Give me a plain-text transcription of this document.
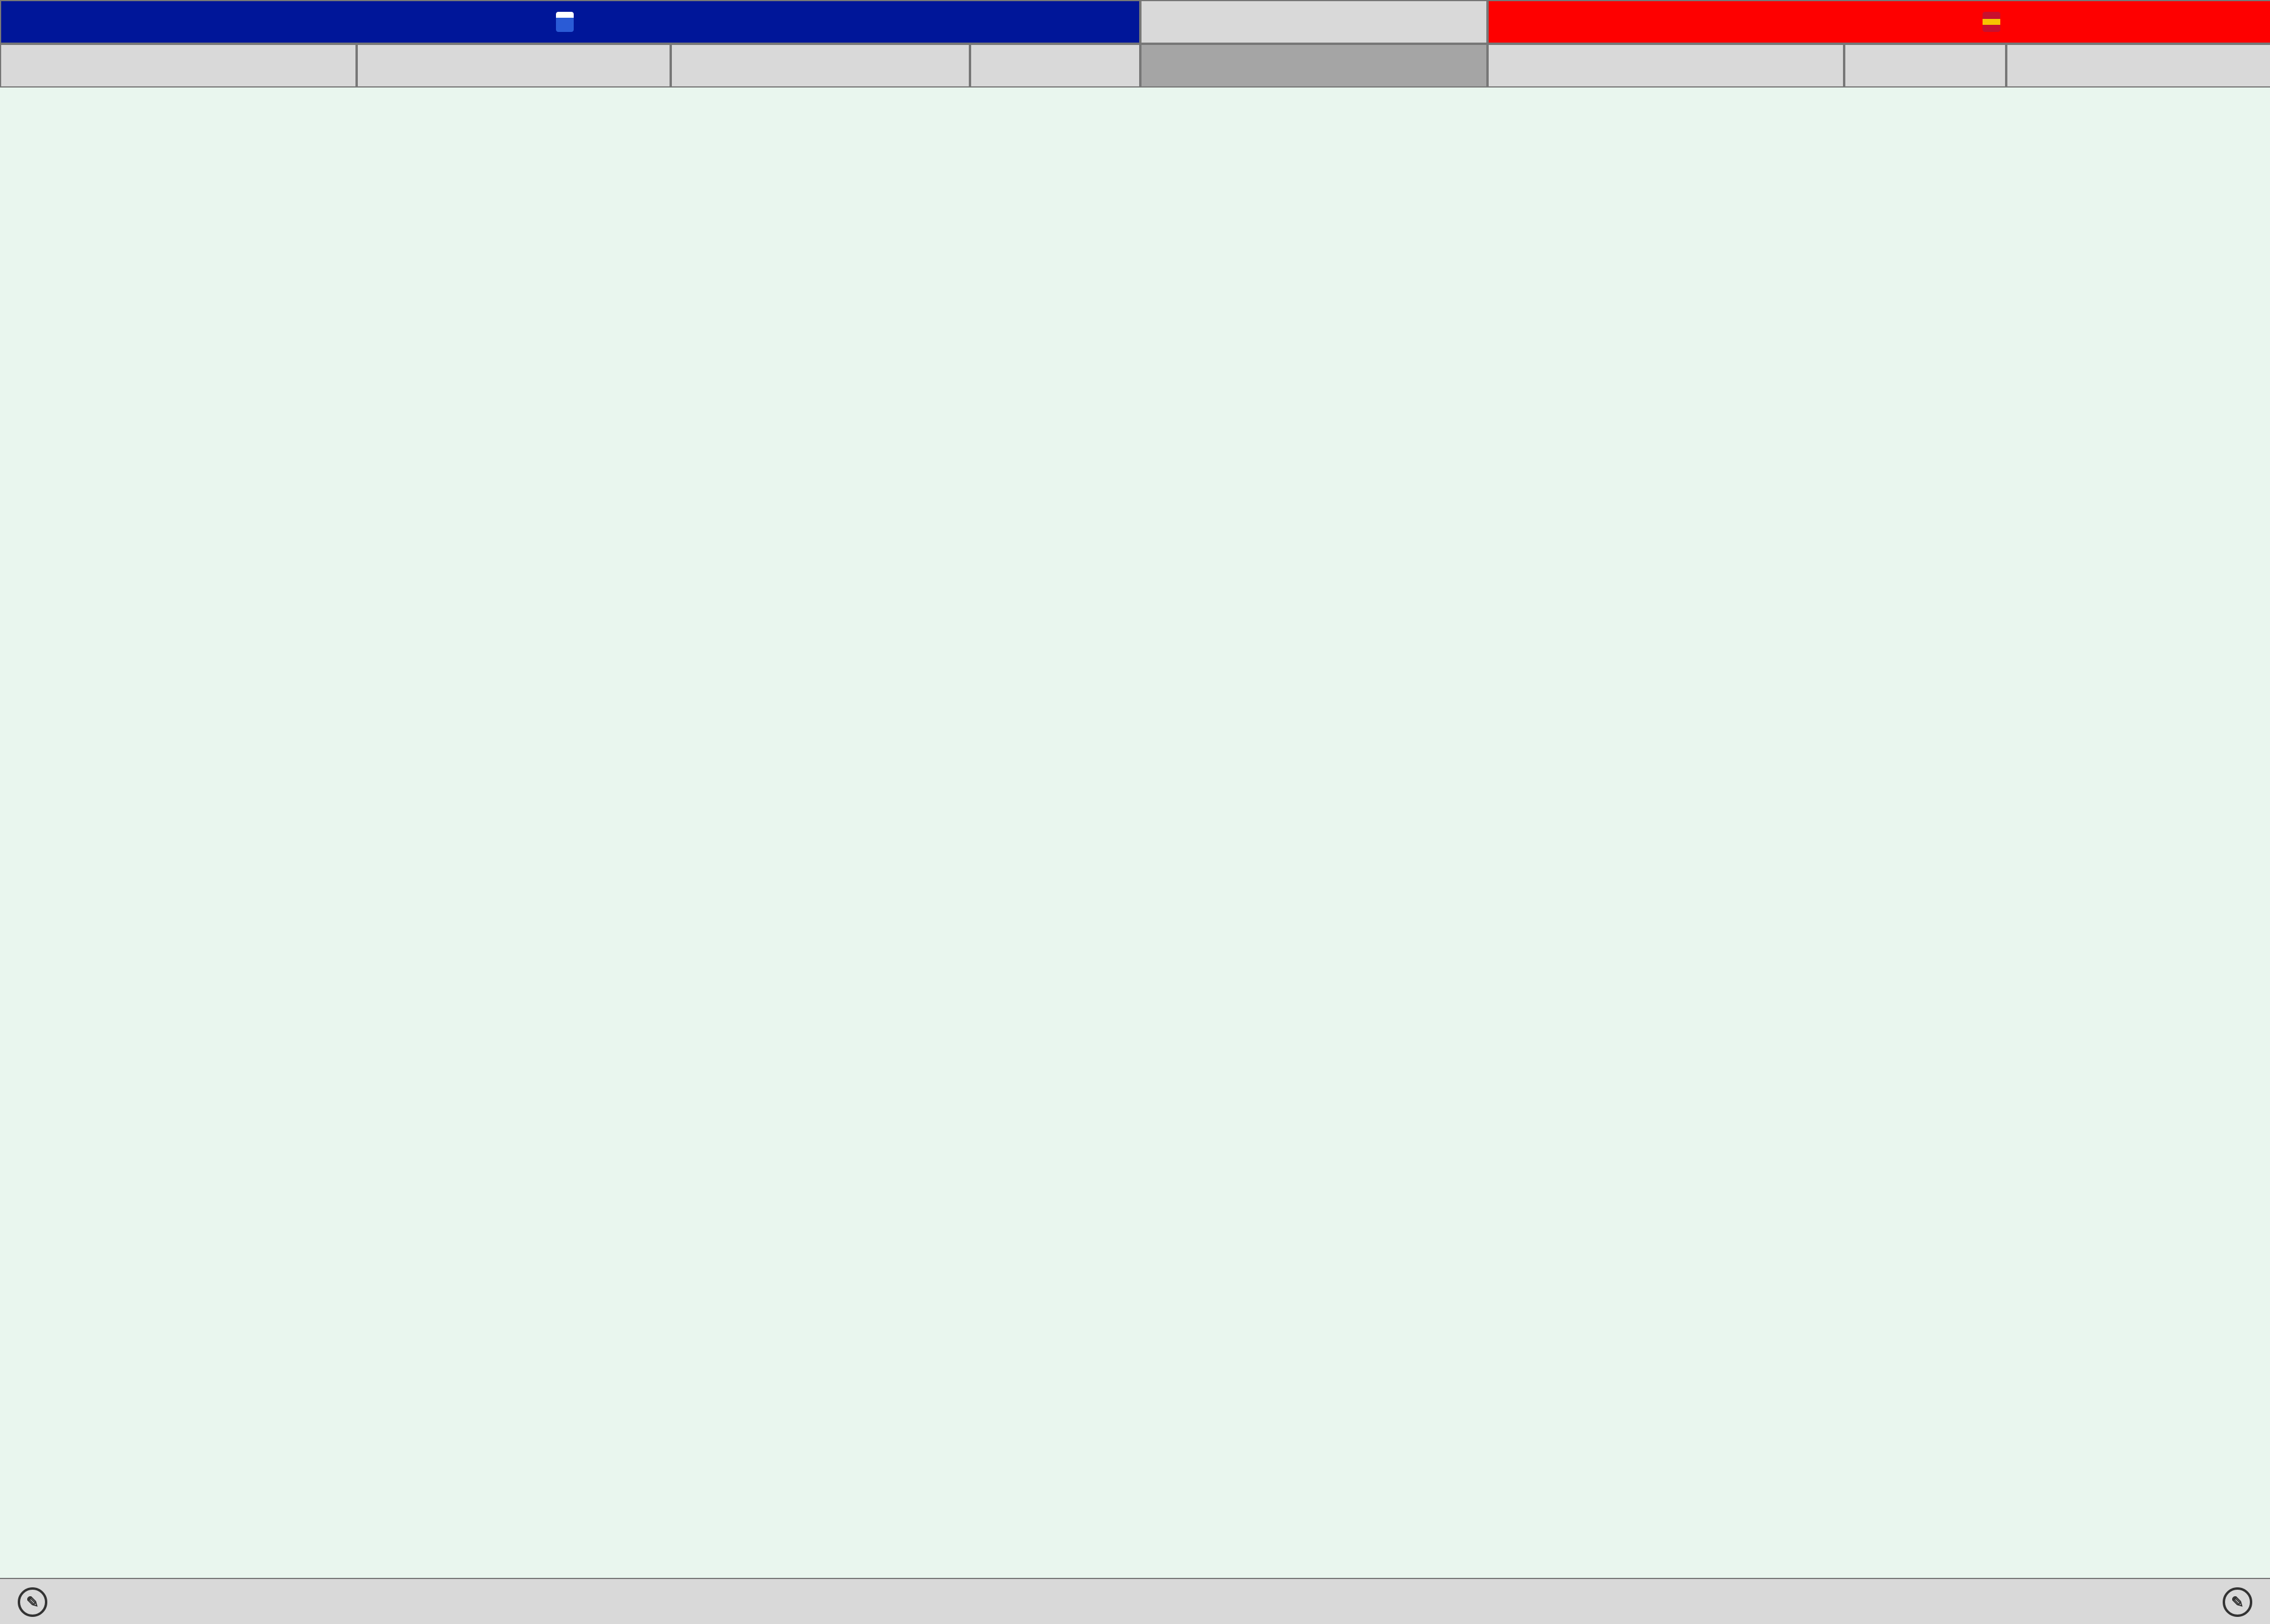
✎	✎
